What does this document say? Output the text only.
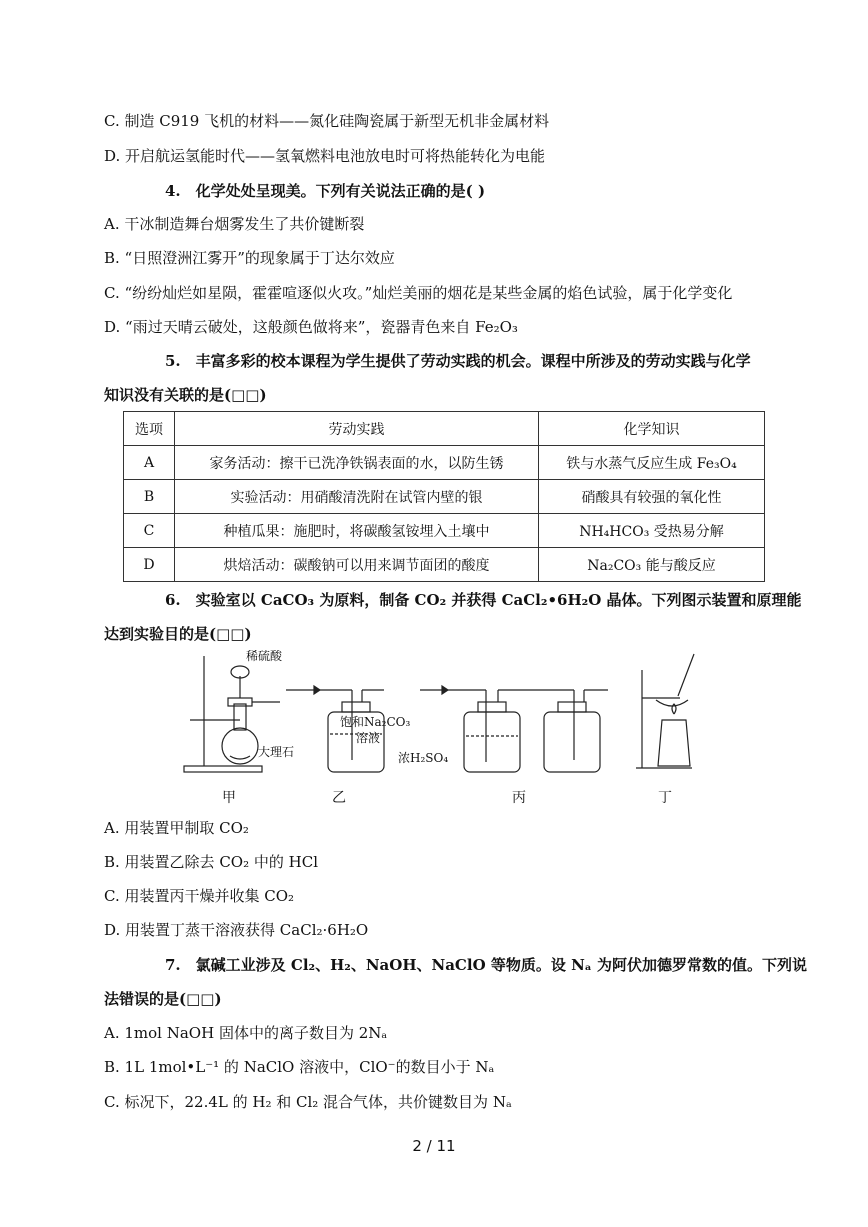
C. 制造 C919 飞机的材料——氮化硅陶瓷属于新型无机非金属材料
D. 开启航运氢能时代——氢氧燃料电池放电时可将热能转化为电能
4.　化学处处呈现美。下列有关说法正确的是( )
A. 干冰制造舞台烟雾发生了共价键断裂
B. “日照澄洲江雾开”的现象属于丁达尔效应
C. “纷纷灿烂如星陨，霍霍喧逐似火攻。”灿烂美丽的烟花是某些金属的焰色试验，属于化学变化
D. “雨过天晴云破处，这般颜色做将来”，瓷器青色来自 Fe₂O₃
5.　丰富多彩的校本课程为学生提供了劳动实践的机会。课程中所涉及的劳动实践与化学
知识没有关联的是(□□)
选项	劳动实践	化学知识
A	家务活动：擦干已洗净铁锅表面的水，以防生锈	铁与水蒸气反应生成 Fe₃O₄
B	实验活动：用硝酸清洗附在试管内壁的银	硝酸具有较强的氧化性
C	种植瓜果：施肥时，将碳酸氢铵埋入土壤中	NH₄HCO₃ 受热易分解
D	烘焙活动：碳酸钠可以用来调节面团的酸度	Na₂CO₃ 能与酸反应
6.　实验室以 CaCO₃ 为原料，制备 CO₂ 并获得 CaCl₂•6H₂O 晶体。下列图示装置和原理能
达到实验目的是(□□)
稀硫酸
大理石
饱和Na₂CO₃
溶液
浓H₂SO₄
甲	乙	丙	丁
A. 用装置甲制取 CO₂
B. 用装置乙除去 CO₂ 中的 HCl
C. 用装置丙干燥并收集 CO₂
D. 用装置丁蒸干溶液获得 CaCl₂·6H₂O
7.　氯碱工业涉及 Cl₂、H₂、NaOH、NaClO 等物质。设 Nₐ 为阿伏加德罗常数的值。下列说
法错误的是(□□)
A. 1mol NaOH 固体中的离子数目为 2Nₐ
B. 1L 1mol•L⁻¹ 的 NaClO 溶液中，ClO⁻的数目小于 Nₐ
C. 标况下，22.4L 的 H₂ 和 Cl₂ 混合气体，共价键数目为 Nₐ
2 / 11
